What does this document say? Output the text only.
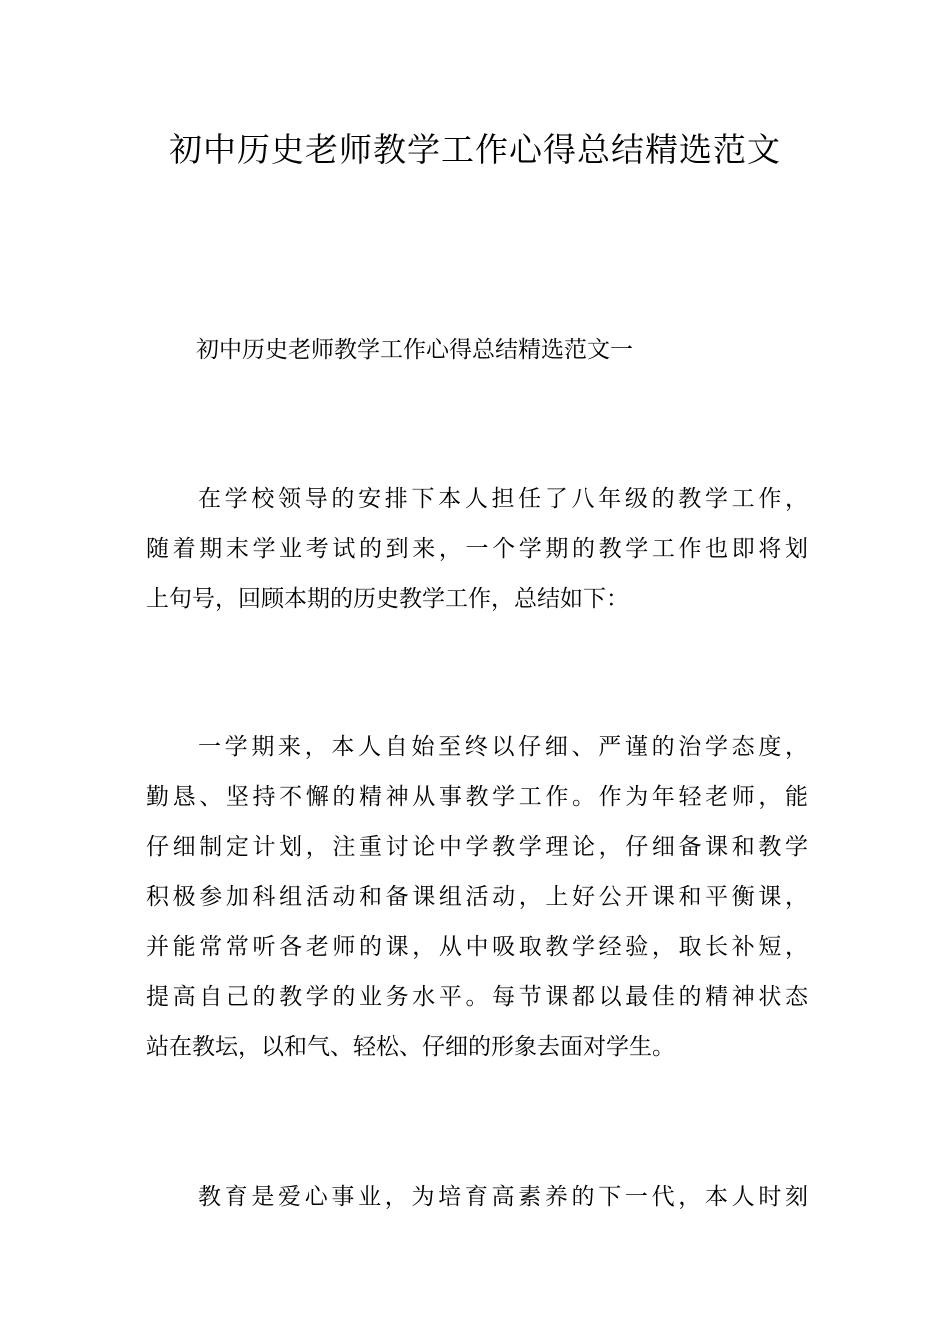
初中历史老师教学工作心得总结精选范文

初中历史老师教学工作心得总结精选范文一

在学校领导的安排下本人担任了八年级的教学工作，
随着期末学业考试的到来，一个学期的教学工作也即将划
上句号，回顾本期的历史教学工作，总结如下：
一学期来，本人自始至终以仔细、严谨的治学态度，
勤恳、坚持不懈的精神从事教学工作。作为年轻老师，能
仔细制定计划，注重讨论中学教学理论，仔细备课和教学
积极参加科组活动和备课组活动，上好公开课和平衡课，
并能常常听各老师的课，从中吸取教学经验，取长补短，
提高自己的教学的业务水平。每节课都以最佳的精神状态
站在教坛，以和气、轻松、仔细的形象去面对学生。
教育是爱心事业，为培育高素养的下一代，本人时刻
